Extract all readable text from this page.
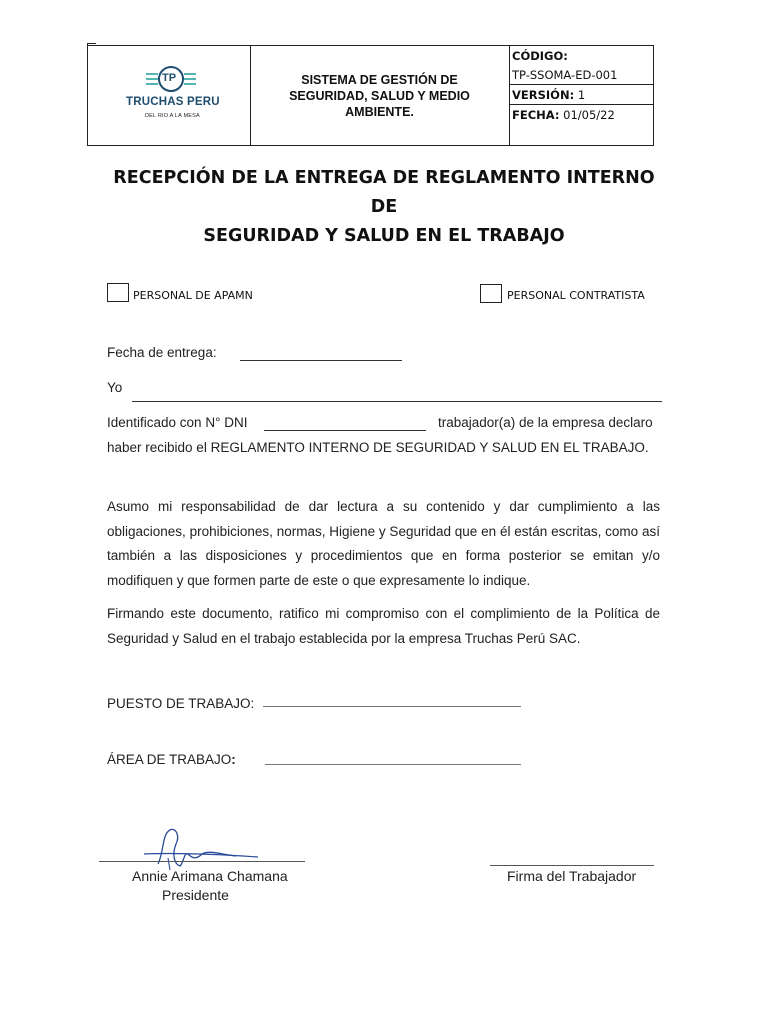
TP
TRUCHAS PERU
DEL RIO A LA MESA
SISTEMA DE GESTIÓN DE
SEGURIDAD, SALUD Y MEDIO
AMBIENTE.
CÓDIGO:
TP-SSOMA-ED-001
VERSIÓN: 1
FECHA: 01/05/22
RECEPCIÓN DE LA ENTREGA DE REGLAMENTO INTERNO DE
SEGURIDAD Y SALUD EN EL TRABAJO
PERSONAL DE APAMN	PERSONAL CONTRATISTA
Fecha de entrega:
Yo
Identificado con N° DNI	trabajador(a) de la empresa declaro
haber recibido el REGLAMENTO INTERNO DE SEGURIDAD Y SALUD EN EL TRABAJO.
Asumo mi responsabilidad de dar lectura a su contenido y dar cumplimiento a las obligaciones, prohibiciones, normas, Higiene y Seguridad que en él están escritas, como así también a las disposiciones y procedimientos que en forma posterior se emitan y/o modifiquen y que formen parte de este o que expresamente lo indique.
Firmando este documento, ratifico mi compromiso con el complimiento de la Política de Seguridad y Salud en el trabajo establecida por la empresa Truchas Perú SAC.
PUESTO DE TRABAJO:
ÁREA DE TRABAJO:
Annie Arimana Chamana
Presidente
Firma del Trabajador
